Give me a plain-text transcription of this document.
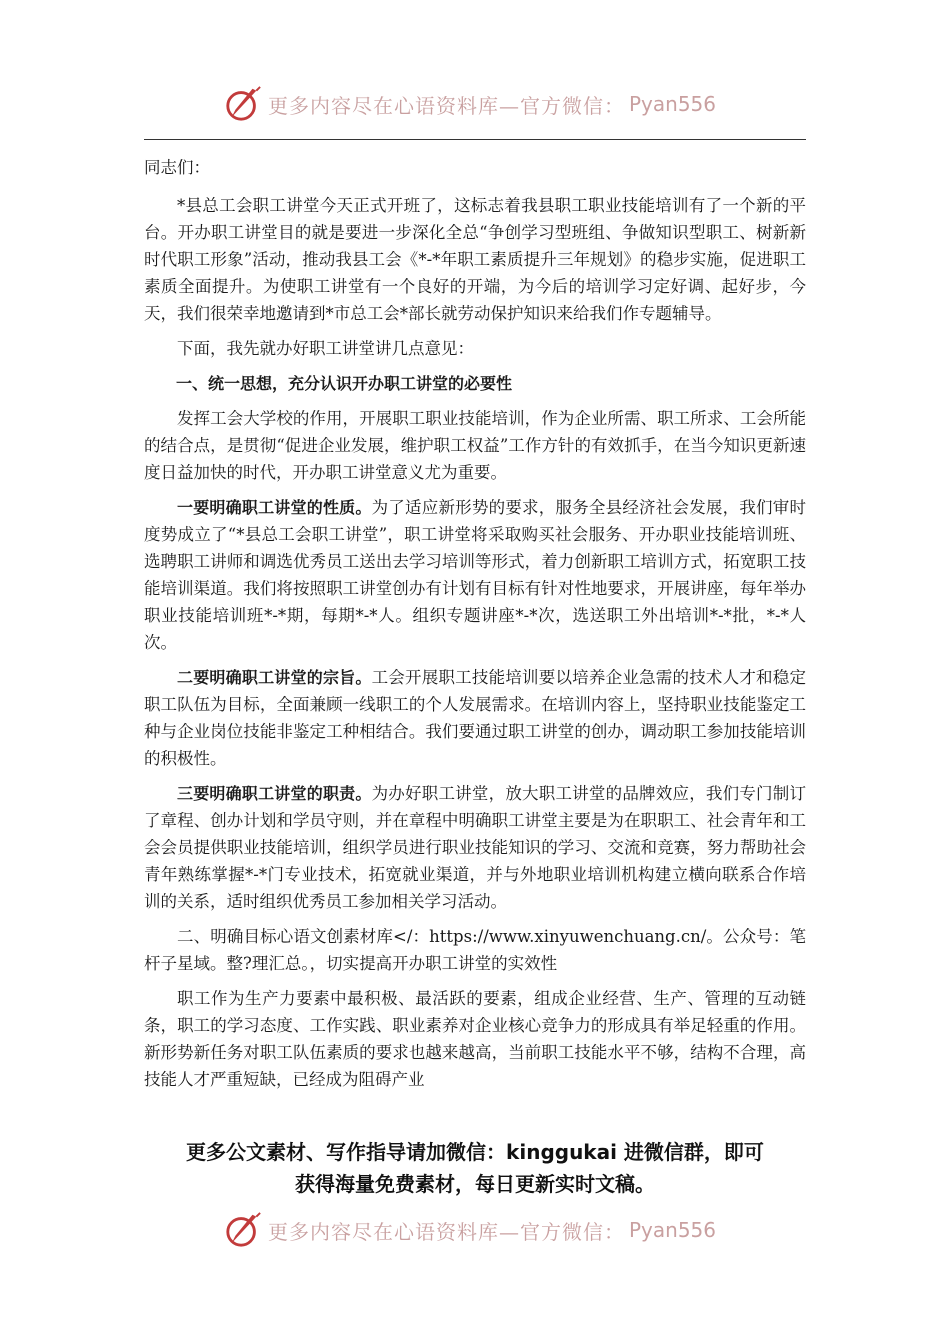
更多内容尽在心语资料库—官方微信： Pyan556
同志们：

*县总工会职工讲堂今天正式开班了，这标志着我县职工职业技能培训有了一个新的平台。开办职工讲堂目的就是要进一步深化全总“争创学习型班组、争做知识型职工、树新新时代职工形象”活动，推动我县工会《*-*年职工素质提升三年规划》的稳步实施，促进职工素质全面提升。为使职工讲堂有一个良好的开端，为今后的培训学习定好调、起好步，今天，我们很荣幸地邀请到*市总工会*部长就劳动保护知识来给我们作专题辅导。

下面，我先就办好职工讲堂讲几点意见：

一、统一思想，充分认识开办职工讲堂的必要性

发挥工会大学校的作用，开展职工职业技能培训，作为企业所需、职工所求、工会所能的结合点，是贯彻“促进企业发展，维护职工权益”工作方针的有效抓手，在当今知识更新速度日益加快的时代，开办职工讲堂意义尤为重要。

一要明确职工讲堂的性质。为了适应新形势的要求，服务全县经济社会发展，我们审时度势成立了“*县总工会职工讲堂”，职工讲堂将采取购买社会服务、开办职业技能培训班、选聘职工讲师和调选优秀员工送出去学习培训等形式，着力创新职工培训方式，拓宽职工技能培训渠道。我们将按照职工讲堂创办有计划有目标有针对性地要求，开展讲座，每年举办职业技能培训班*-*期，每期*-*人。组织专题讲座*-*次，选送职工外出培训*-*批，*-*人次。

二要明确职工讲堂的宗旨。工会开展职工技能培训要以培养企业急需的技术人才和稳定职工队伍为目标，全面兼顾一线职工的个人发展需求。在培训内容上，坚持职业技能鉴定工种与企业岗位技能非鉴定工种相结合。我们要通过职工讲堂的创办，调动职工参加技能培训的积极性。

三要明确职工讲堂的职责。为办好职工讲堂，放大职工讲堂的品牌效应，我们专门制订了章程、创办计划和学员守则，并在章程中明确职工讲堂主要是为在职职工、社会青年和工会会员提供职业技能培训，组织学员进行职业技能知识的学习、交流和竞赛，努力帮助社会青年熟练掌握*-*门专业技术，拓宽就业渠道，并与外地职业培训机构建立横向联系合作培训的关系，适时组织优秀员工参加相关学习活动。

二、明确目标心语文创素材库</：https://www.xinyuwenchuang.cn/。公众号：笔杆子星域。整?理汇总。，切实提高开办职工讲堂的实效性

职工作为生产力要素中最积极、最活跃的要素，组成企业经营、生产、管理的互动链条，职工的学习态度、工作实践、职业素养对企业核心竞争力的形成具有举足轻重的作用。新形势新任务对职工队伍素质的要求也越来越高，当前职工技能水平不够，结构不合理，高技能人才严重短缺，已经成为阻碍产业

更多公文素材、写作指导请加微信：kinggukai 进微信群，即可
获得海量免费素材，每日更新实时文稿。
更多内容尽在心语资料库—官方微信： Pyan556
